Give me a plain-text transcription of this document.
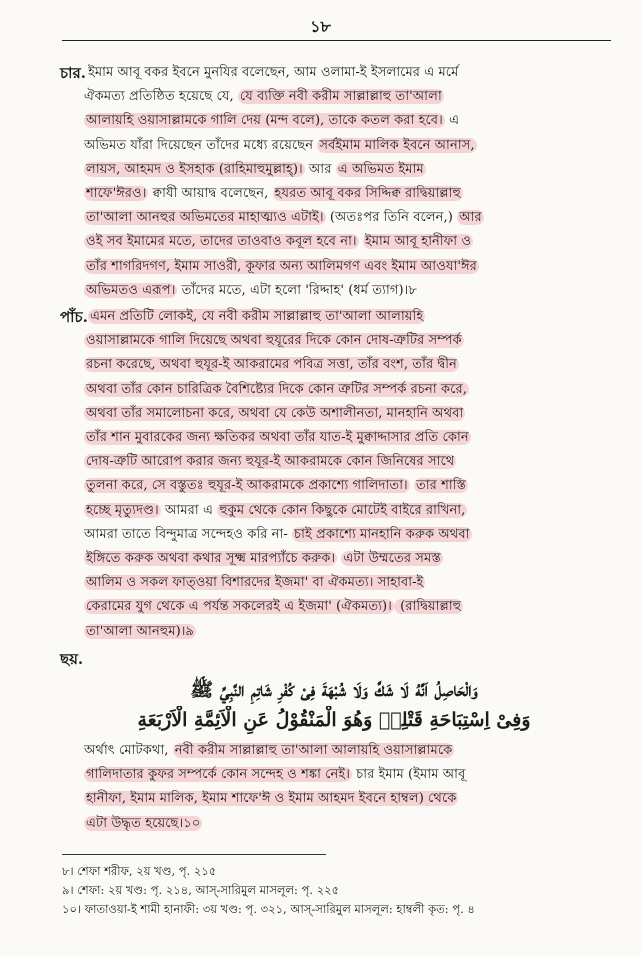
১৮
চার. ইমাম আবূ বকর ইবনে মুনযির বলেছেন, আম ওলামা-ই ইসলামের এ মর্মে
ঐকমত্য প্রতিষ্ঠিত হয়েছে যে, যে ব্যক্তি নবী করীম সাল্লাল্লাহু তা'আলা
আলায়হি ওয়াসাল্লামকে গালি দেয় (মন্দ বলে), তাকে কতল করা হবে। এ
অভিমত যাঁরা দিয়েছেন তাঁদের মধ্যে রয়েছেন সর্বইমাম মালিক ইবনে আনাস,
লায়স, আহমদ ও ইসহাক (রাহিমাহুমুল্লাহ্)। আর এ অভিমত ইমাম
শাফে'ঈরও। ক্বাযী আয়াদ্ব বলেছেন, হযরত আবূ বকর সিদ্দিক্ব রাদ্বিয়াল্লাহু
তা'আলা আনহুর অভিমতের মাহাত্ম্যও এটাই। (অতঃপর তিনি বলেন,) আর
ওই সব ইমামের মতে, তাদের তাওবাও কবূল হবে না। ইমাম আবূ হানীফা ও
তাঁর শাগরিদগণ, ইমাম সাওরী, কূফার অন্য আলিমগণ এবং ইমাম আওযা'ঈর
অভিমতও এরূপ। তাঁদের মতে, এটা হলো 'রিদ্দাহ' (ধর্ম ত্যাগ)।৮
পাঁচ. এমন প্রতিটি লোকই, যে নবী করীম সাল্লাল্লাহু তা'আলা আলায়হি
ওয়াসাল্লামকে গালি দিয়েছে অথবা হুযূরের দিকে কোন দোষ-ত্রুটির সম্পর্ক
রচনা করেছে, অথবা হুযূর-ই আকরামের পবিত্র সত্তা, তাঁর বংশ, তাঁর দ্বীন
অথবা তাঁর কোন চারিত্রিক বৈশিষ্ট্যের দিকে কোন ত্রুটির সম্পর্ক রচনা করে,
অথবা তাঁর সমালোচনা করে, অথবা যে কেউ অশালীনতা, মানহানি অথবা
তাঁর শান মুবারকের জন্য ক্ষতিকর অথবা তাঁর যাত-ই মুক্বাদ্দাসার প্রতি কোন
দোষ-ত্রুটি আরোপ করার জন্য হুযূর-ই আকরামকে কোন জিনিষের সাথে
তুলনা করে, সে বস্তুতঃ হুযূর-ই আকরামকে প্রকাশ্যে গালিদাতা। তার শাস্তি
হচ্ছে মৃত্যুদণ্ড। আমরা এ হুকুম থেকে কোন কিছুকে মোটেই বাইরে রাখিনা,
আমরা তাতে বিন্দুমাত্র সন্দেহও করি না- চাই প্রকাশ্যে মানহানি করুক অথবা
ইঙ্গিতে করুক অথবা কথার সূক্ষ্ম মারপ্যাঁচে করুক। এটা উম্মতের সমস্ত
আলিম ও সকল ফাত্ওয়া বিশারদের ইজমা' বা ঐকমত্য। সাহাবা-ই
কেরামের যুগ থেকে এ পর্যন্ত সকলেরই এ ইজমা' (ঐকমত্য)। (রাদ্বিয়াল্লাহু
তা'আলা আনহুম)।৯
ছয়.
অর্থাৎ মোটকথা, নবী করীম সাল্লাল্লাহু তা'আলা আলায়হি ওয়াসাল্লামকে
গালিদাতার কুফর সম্পর্কে কোন সন্দেহ ও শঙ্কা নেই। চার ইমাম (ইমাম আবূ
হানীফা, ইমাম মালিক, ইমাম শাফে'ঈ ও ইমাম আহমদ ইবনে হাম্বল) থেকে
এটা উদ্ধৃত হয়েছে।১০
وَالْحَاصِلُ اَنَّهُ لَا شَكَّ وَلَا شُبْهَةَ فِىْ كُفْرِ شَاتِمِ النَّبِيِّ ﷺ
وَفِىْ اِسْتِبَاحَةِ قَتْلِهٖ وَهُوَ الْمَنْقُوْلُ عَنِ الْاَئِمَّةِ الْاَرْبَعَةِ
৮। শেফা শরীফ, ২য় খণ্ড, পৃ. ২১৫
৯। শেফা: ২য় খণ্ড: পৃ. ২১৪, আস্-সারিমুল মাসলূল: পৃ. ২২৫
১০। ফাতাওয়া-ই শামী হানাফী: ৩য় খণ্ড: পৃ. ৩২১, আস্-সারিমুল মাসলূল: হাম্বলী কৃত: পৃ. ৪
